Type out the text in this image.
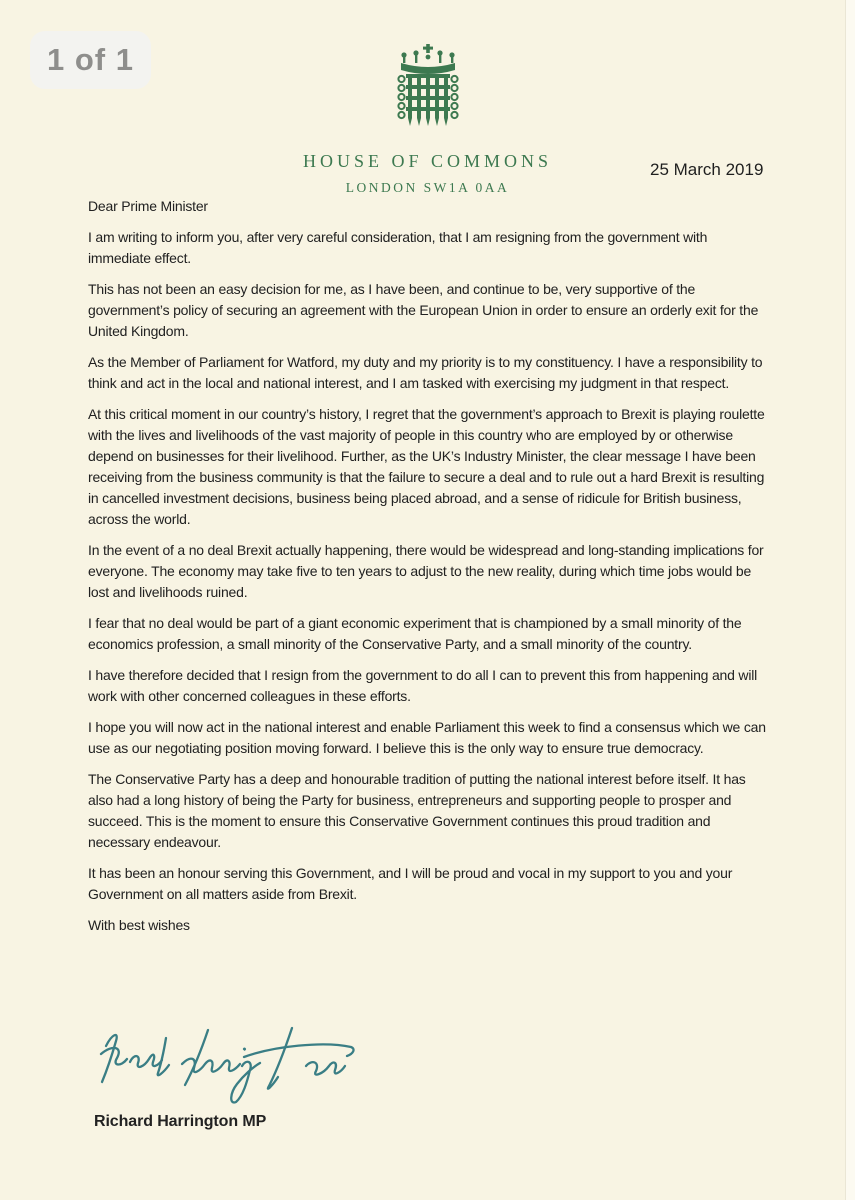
1 of 1
HOUSE OF COMMONS
LONDON SW1A 0AA
25 March 2019

Dear Prime Minister

I am writing to inform you, after very careful consideration, that I am resigning from the government with immediate effect.

This has not been an easy decision for me, as I have been, and continue to be, very supportive of the government’s policy of securing an agreement with the European Union in order to ensure an orderly exit for the United Kingdom.

As the Member of Parliament for Watford, my duty and my priority is to my constituency. I have a responsibility to think and act in the local and national interest, and I am tasked with exercising my judgment in that respect.

At this critical moment in our country’s history, I regret that the government’s approach to Brexit is playing roulette with the lives and livelihoods of the vast majority of people in this country who are employed by or otherwise depend on businesses for their livelihood. Further, as the UK’s Industry Minister, the clear message I have been receiving from the business community is that the failure to secure a deal and to rule out a hard Brexit is resulting in cancelled investment decisions, business being placed abroad, and a sense of ridicule for British business, across the world.

In the event of a no deal Brexit actually happening, there would be widespread and long-standing implications for everyone. The economy may take five to ten years to adjust to the new reality, during which time jobs would be lost and livelihoods ruined.

I fear that no deal would be part of a giant economic experiment that is championed by a small minority of the economics profession, a small minority of the Conservative Party, and a small minority of the country.

I have therefore decided that I resign from the government to do all I can to prevent this from happening and will work with other concerned colleagues in these efforts.

I hope you will now act in the national interest and enable Parliament this week to find a consensus which we can use as our negotiating position moving forward. I believe this is the only way to ensure true democracy.

The Conservative Party has a deep and honourable tradition of putting the national interest before itself. It has also had a long history of being the Party for business, entrepreneurs and supporting people to prosper and succeed. This is the moment to ensure this Conservative Government continues this proud tradition and necessary endeavour.

It has been an honour serving this Government, and I will be proud and vocal in my support to you and your Government on all matters aside from Brexit.

With best wishes

Richard Harrington MP
